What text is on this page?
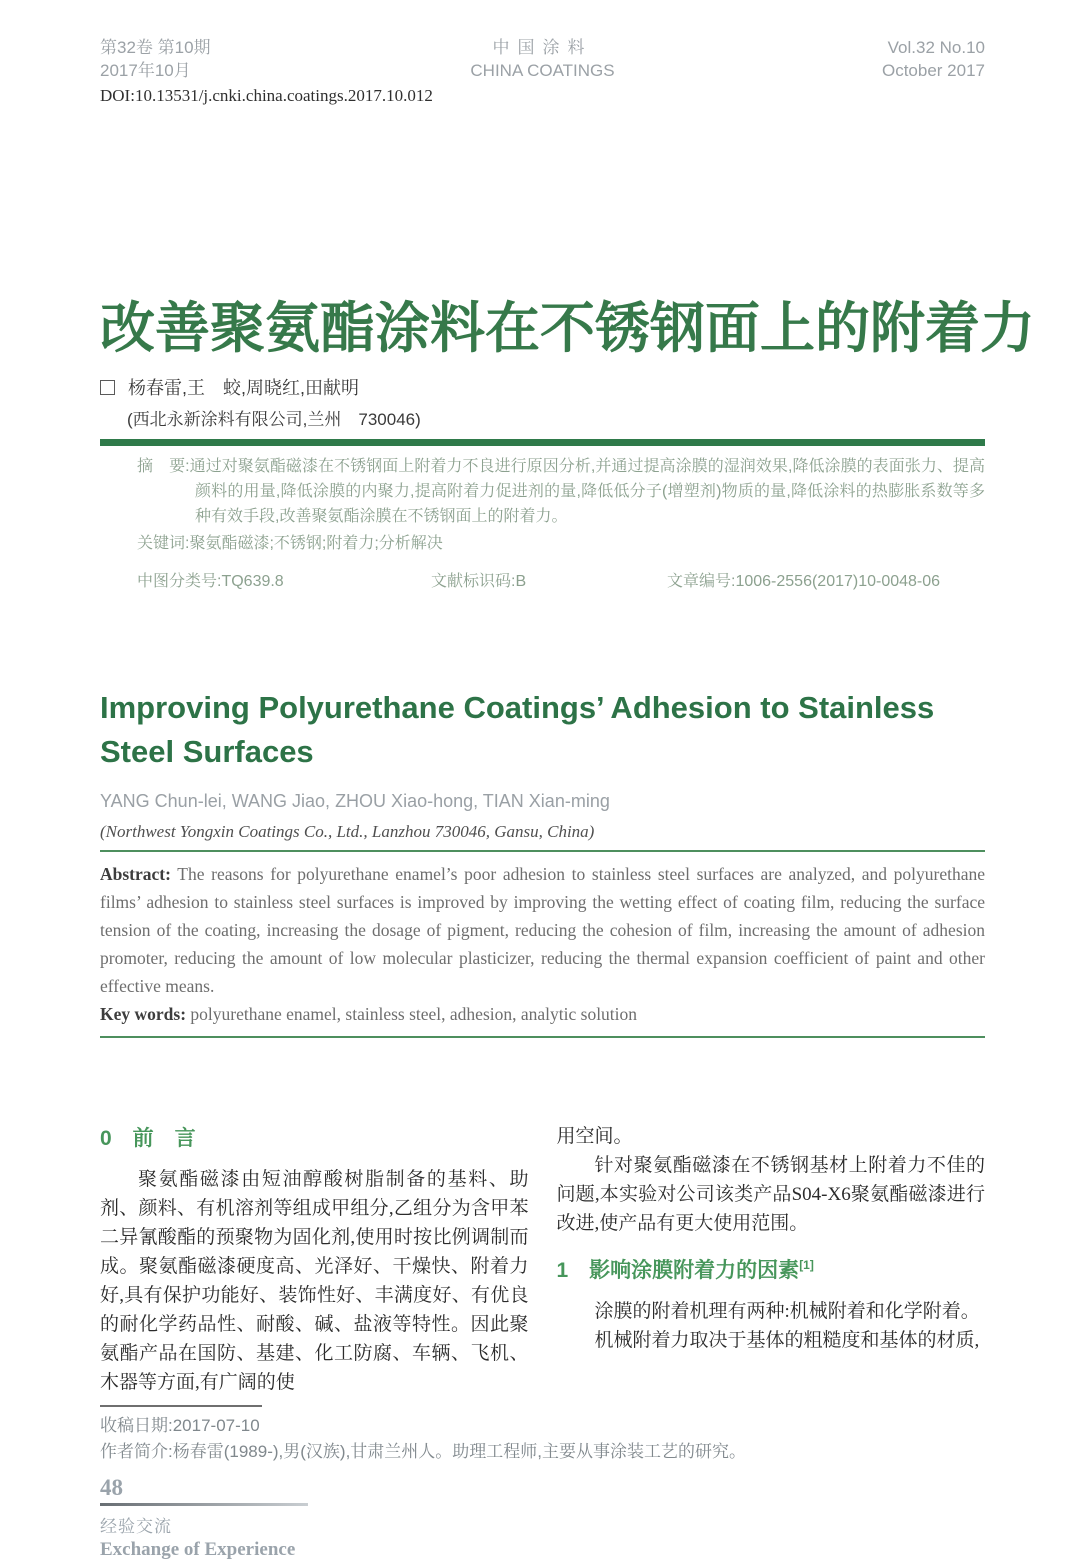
第32卷 第10期
2017年10月
中国涂料
CHINA COATINGS
Vol.32 No.10
October 2017
DOI:10.13531/j.cnki.china.coatings.2017.10.012
改善聚氨酯涂料在不锈钢面上的附着力
杨春雷,王　蛟,周晓红,田献明
(西北永新涂料有限公司,兰州　730046)

摘　要:通过对聚氨酯磁漆在不锈钢面上附着力不良进行原因分析,并通过提高涂膜的湿润效果,降低涂膜的表面张力、提高颜料的用量,降低涂膜的内聚力,提高附着力促进剂的量,降低低分子(增塑剂)物质的量,降低涂料的热膨胀系数等多种有效手段,改善聚氨酯涂膜在不锈钢面上的附着力。

关键词:聚氨酯磁漆;不锈钢;附着力;分析解决

中图分类号:TQ639.8	文献标识码:B	文章编号:1006-2556(2017)10-0048-06
Improving Polyurethane Coatings’ Adhesion to Stainless Steel Surfaces
YANG Chun-lei, WANG Jiao, ZHOU Xiao-hong, TIAN Xian-ming
(Northwest Yongxin Coatings Co., Ltd., Lanzhou 730046, Gansu, China)

Abstract: The reasons for polyurethane enamel’s poor adhesion to stainless steel surfaces are analyzed, and polyurethane films’ adhesion to stainless steel surfaces is improved by improving the wetting effect of coating film, reducing the surface tension of the coating, increasing the dosage of pigment, reducing the cohesion of film, increasing the amount of adhesion promoter, reducing the amount of low molecular plasticizer, reducing the thermal expansion coefficient of paint and other effective means.

Key words: polyurethane enamel, stainless steel, adhesion, analytic solution

0　前　言

聚氨酯磁漆由短油醇酸树脂制备的基料、助剂、颜料、有机溶剂等组成甲组分,乙组分为含甲苯二异氰酸酯的预聚物为固化剂,使用时按比例调制而成。聚氨酯磁漆硬度高、光泽好、干燥快、附着力好,具有保护功能好、装饰性好、丰满度好、有优良的耐化学药品性、耐酸、碱、盐液等特性。因此聚氨酯产品在国防、基建、化工防腐、车辆、飞机、木器等方面,有广阔的使

用空间。

针对聚氨酯磁漆在不锈钢基材上附着力不佳的问题,本实验对公司该类产品S04-X6聚氨酯磁漆进行改进,使产品有更大使用范围。

1　影响涂膜附着力的因素[1]

涂膜的附着机理有两种:机械附着和化学附着。

机械附着力取决于基体的粗糙度和基体的材质,

收稿日期:2017-07-10
作者简介:杨春雷(1989-),男(汉族),甘肃兰州人。助理工程师,主要从事涂装工艺的研究。
48
经验交流
Exchange of Experience
